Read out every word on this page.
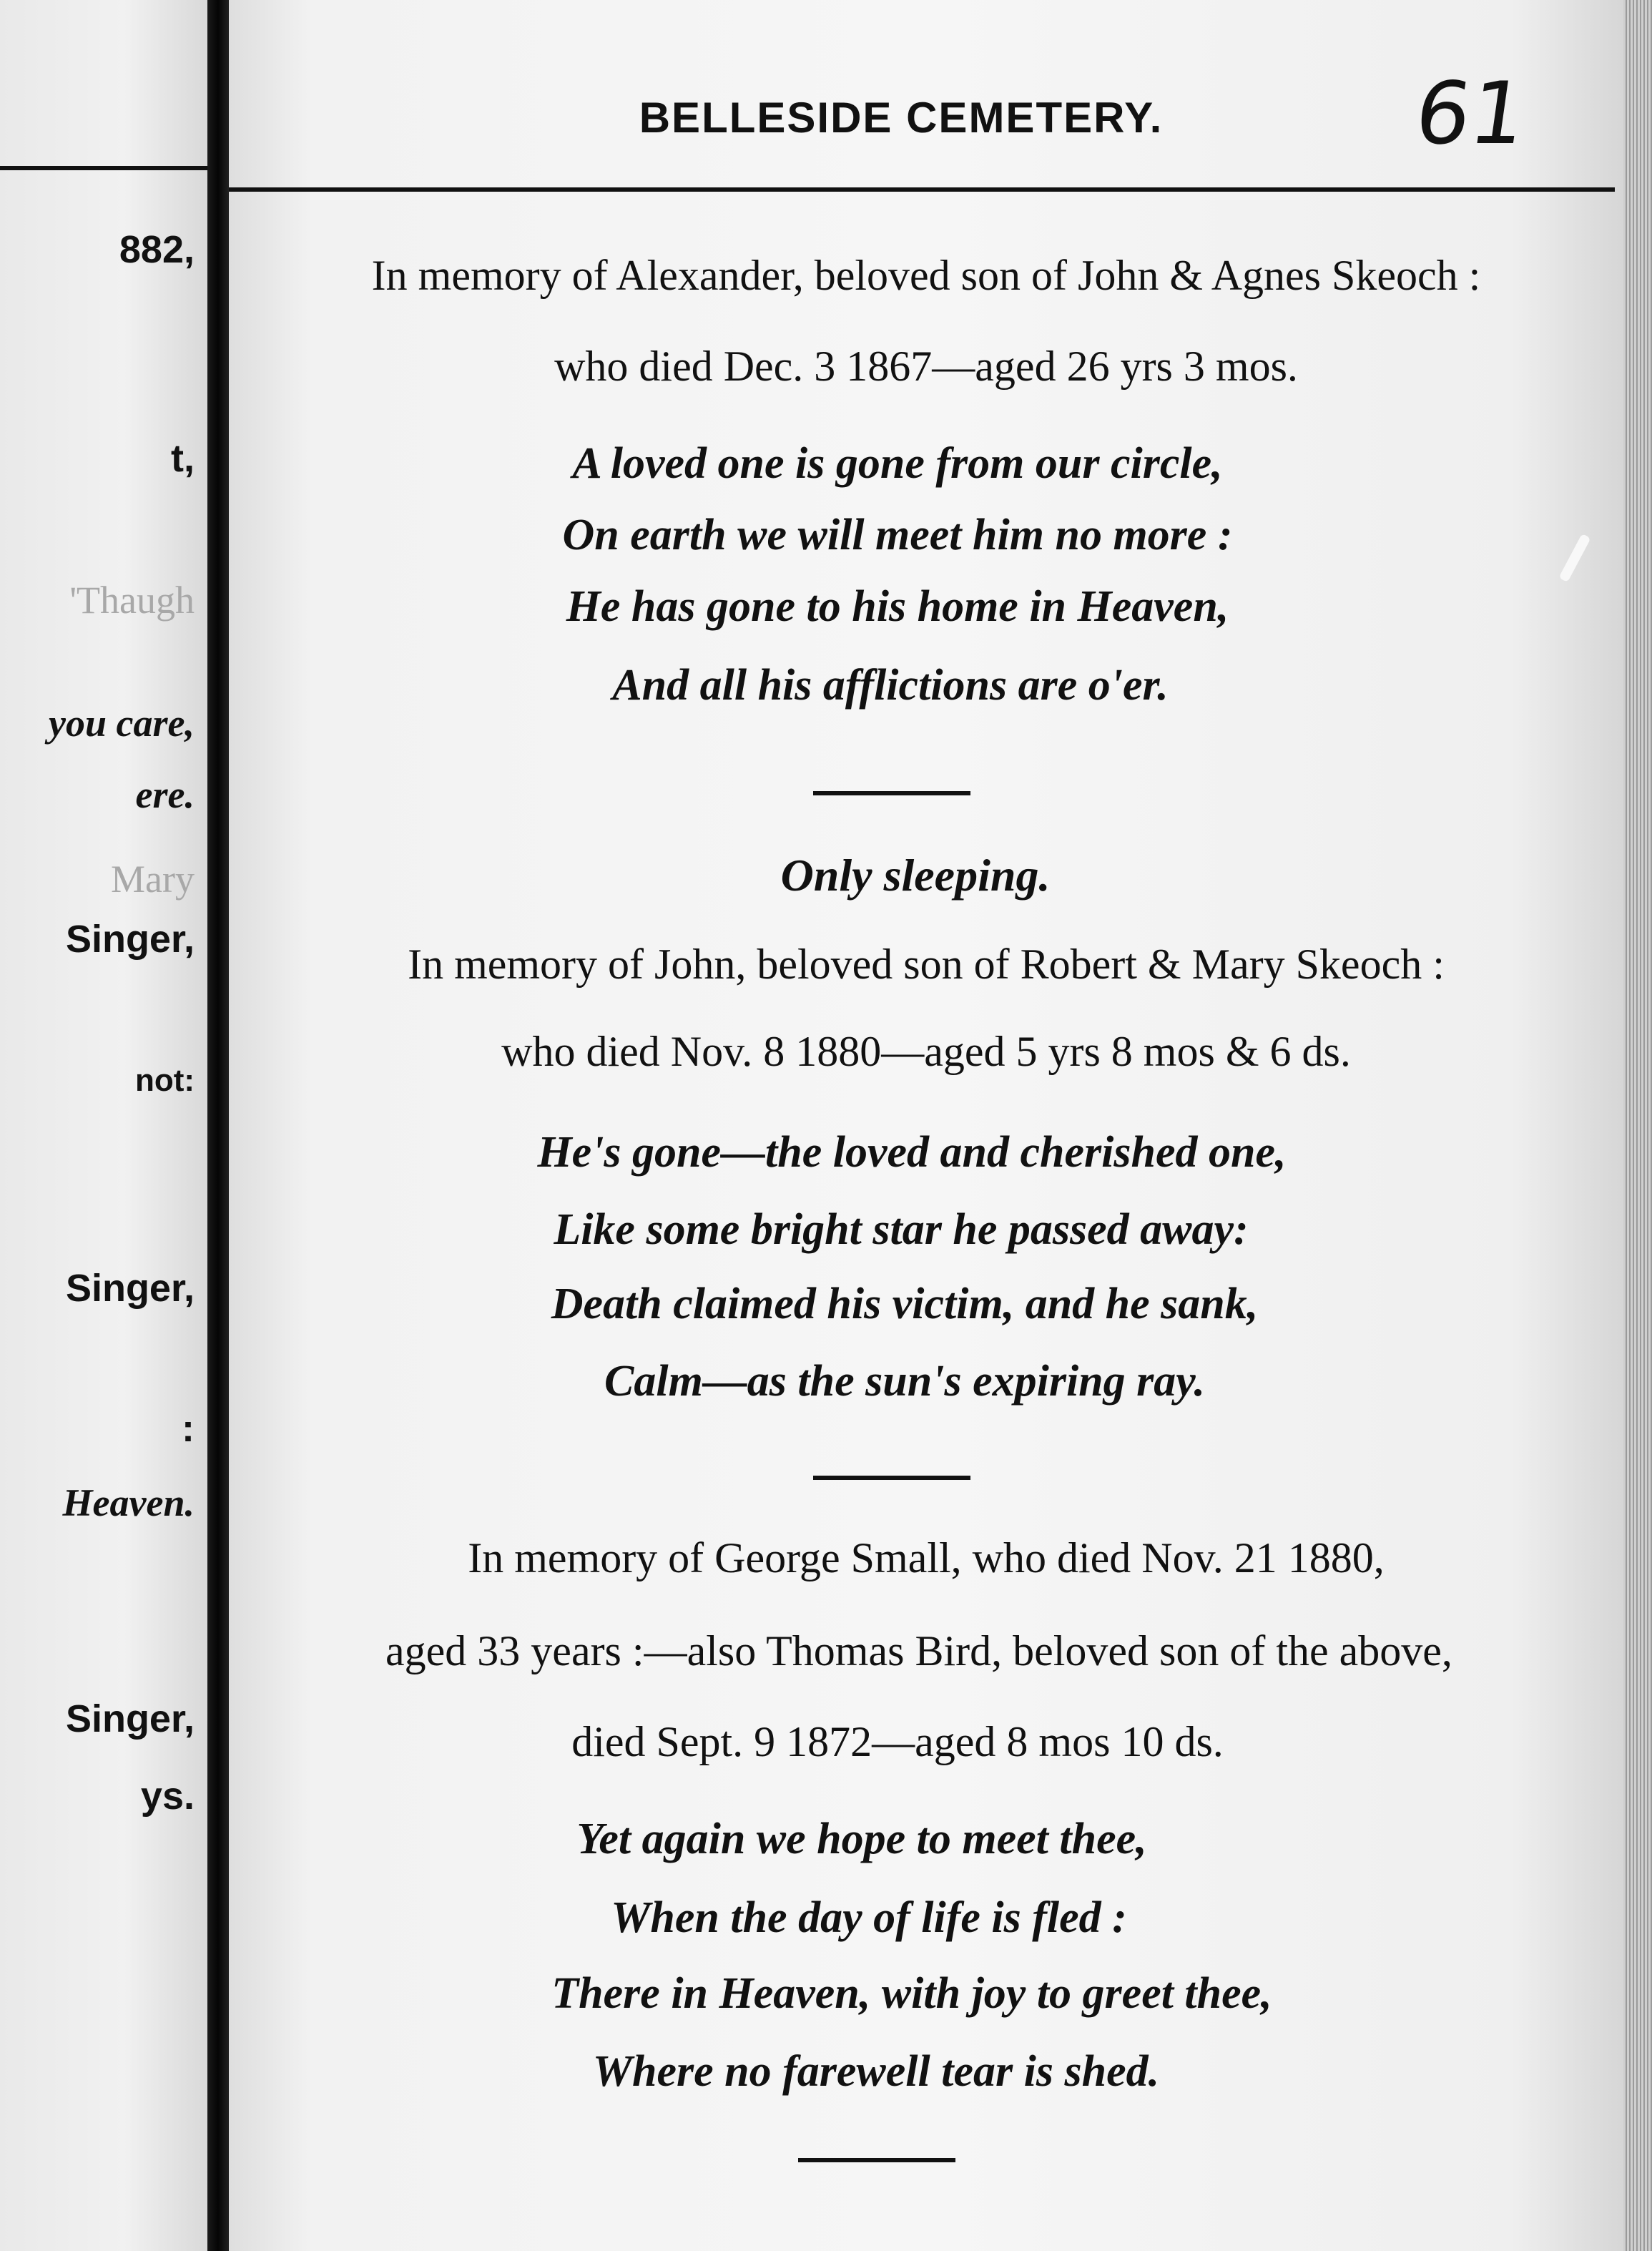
882,
t,
'Thaugh
you care,
ere.
Mary
Singer,
not:
Singer,
:
Heaven.
Singer,
ys.
BELLESIDE CEMETERY.	61
In memory of Alexander, beloved son of John & Agnes Skeoch :
who died Dec. 3 1867—aged 26 yrs 3 mos.
A loved one is gone from our circle,
On earth we will meet him no more :
He has gone to his home in Heaven,
And all his afflictions are o'er.
Only sleeping.
In memory of John, beloved son of Robert & Mary Skeoch :
who died Nov. 8 1880—aged 5 yrs 8 mos & 6 ds.
He's gone—the loved and cherished one,
Like some bright star he passed away:
Death claimed his victim, and he sank,
Calm—as the sun's expiring ray.
In memory of George Small, who died Nov. 21 1880,
aged 33 years :—also Thomas Bird, beloved son of the above,
died Sept. 9 1872—aged 8 mos 10 ds.
Yet again we hope to meet thee,
When the day of life is fled :
There in Heaven, with joy to greet thee,
Where no farewell tear is shed.
